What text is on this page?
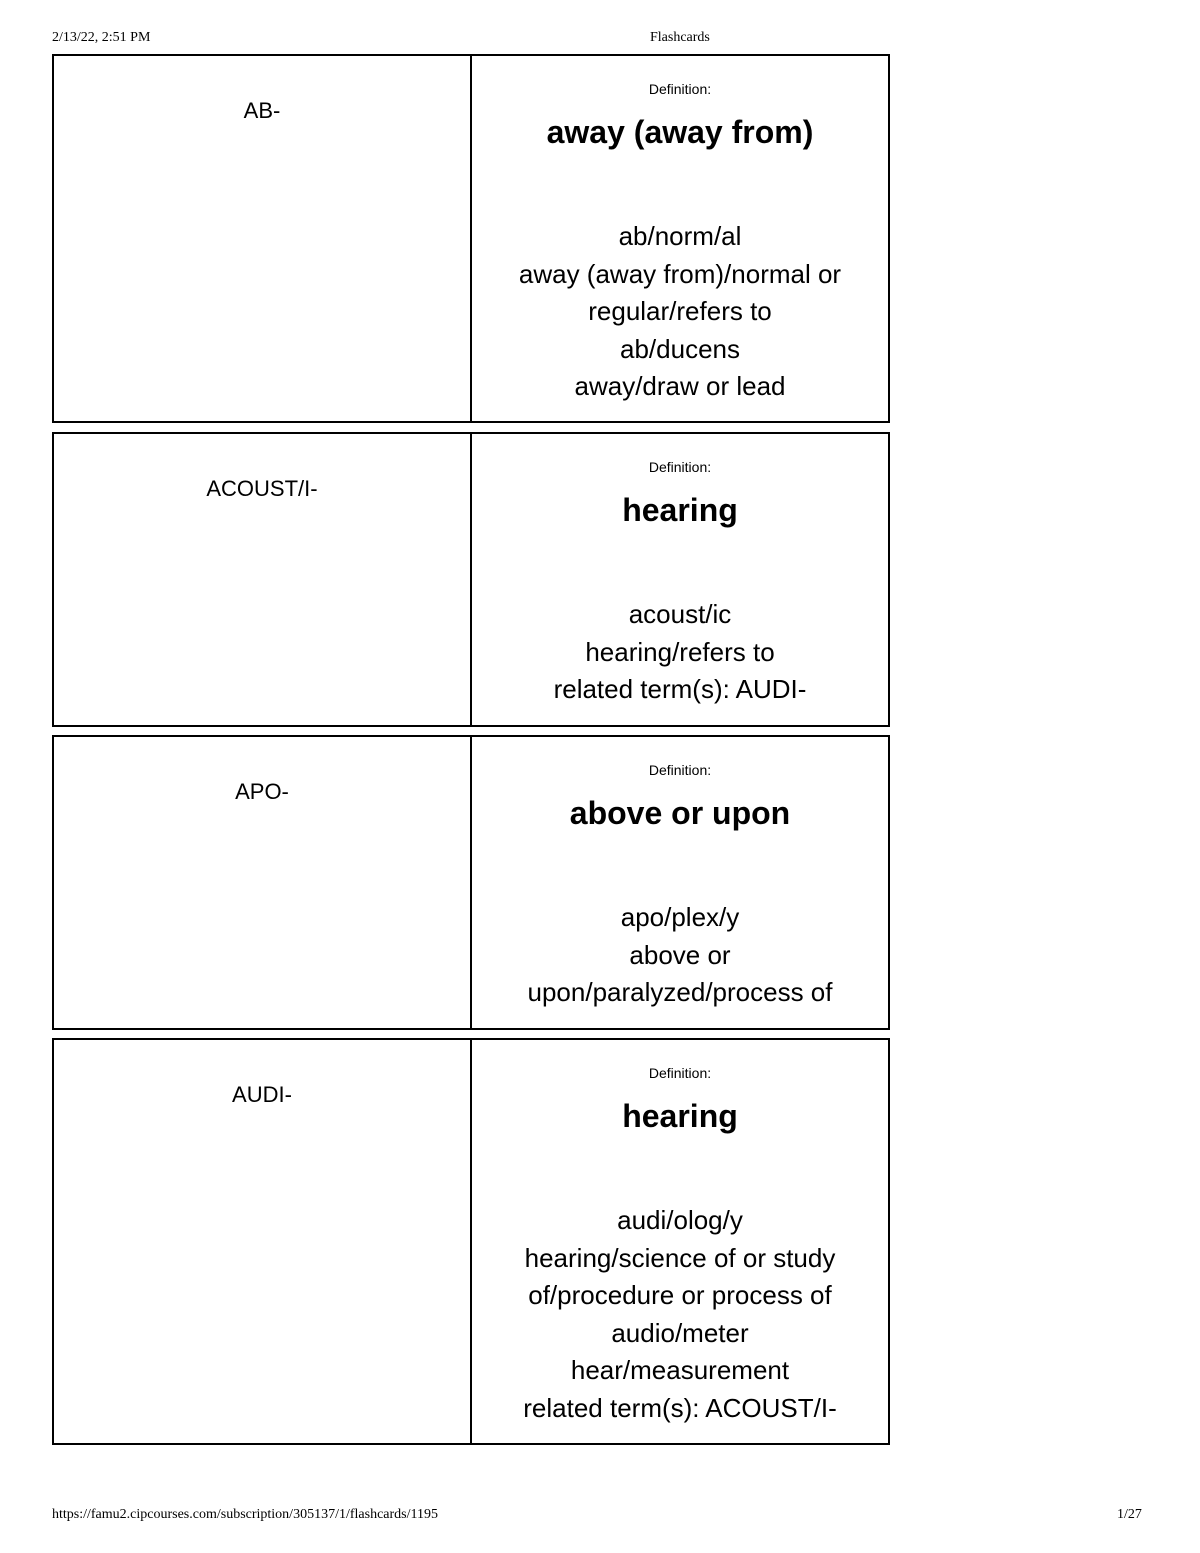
2/13/22, 2:51 PM	Flashcards
AB-
Definition:
away (away from)
ab/norm/al
away (away from)/normal or
regular/refers to
ab/ducens
away/draw or lead
ACOUST/I-
Definition:
hearing
acoust/ic
hearing/refers to
related term(s): AUDI-
APO-
Definition:
above or upon
apo/plex/y
above or
upon/paralyzed/process of
AUDI-
Definition:
hearing
audi/olog/y
hearing/science of or study
of/procedure or process of
audio/meter
hear/measurement
related term(s): ACOUST/I-
https://famu2.cipcourses.com/subscription/305137/1/flashcards/1195	1/27
